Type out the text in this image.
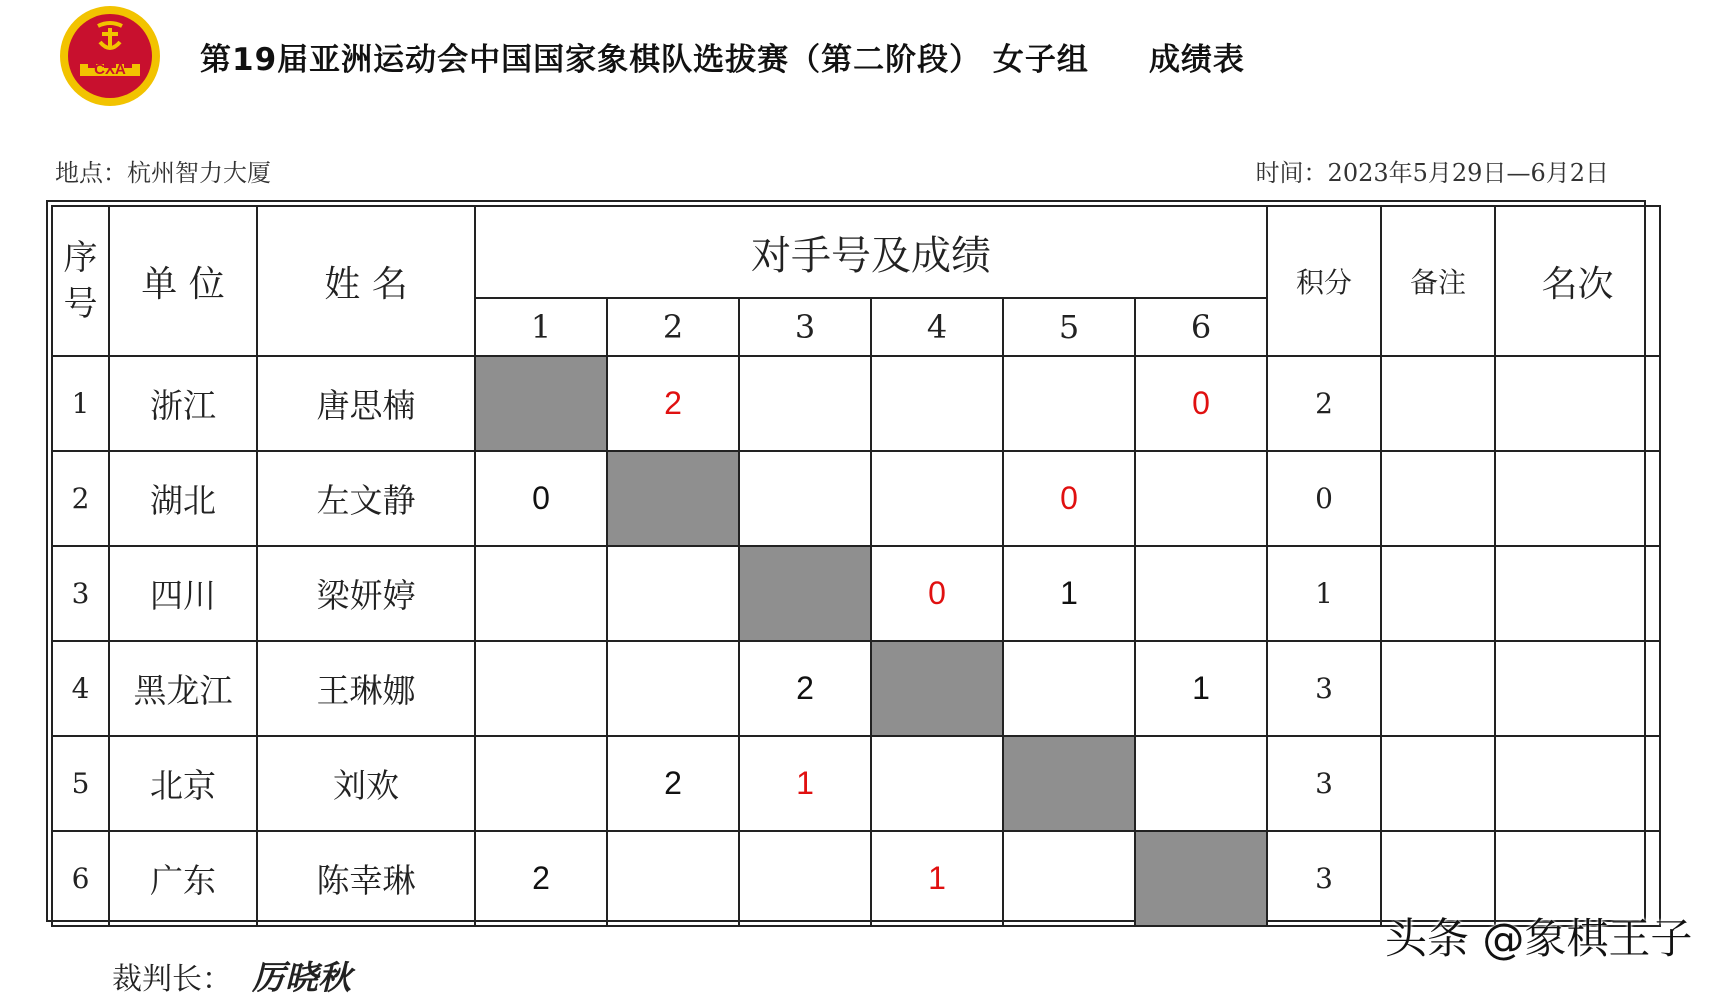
CXA 第19届亚洲运动会中国国家象棋队选拔赛（第二阶段） 女子组 成绩表
地点：杭州智力大厦	时间：2023年5月29日—6月2日
序号	单 位	姓 名	对手号及成绩						积分	备注	名次
			1	2	3	4	5	6			
1	浙江	唐思楠		2				0	2		
2	湖北	左文静	0				0		0		
3	四川	梁妍婷				0	1		1		
4	黑龙江	王琳娜			2			1	3		
5	北京	刘欢		2	1				3		
6	广东	陈幸琳	2			1			3		
裁判长： 厉晓秋
头条 @象棋王子
